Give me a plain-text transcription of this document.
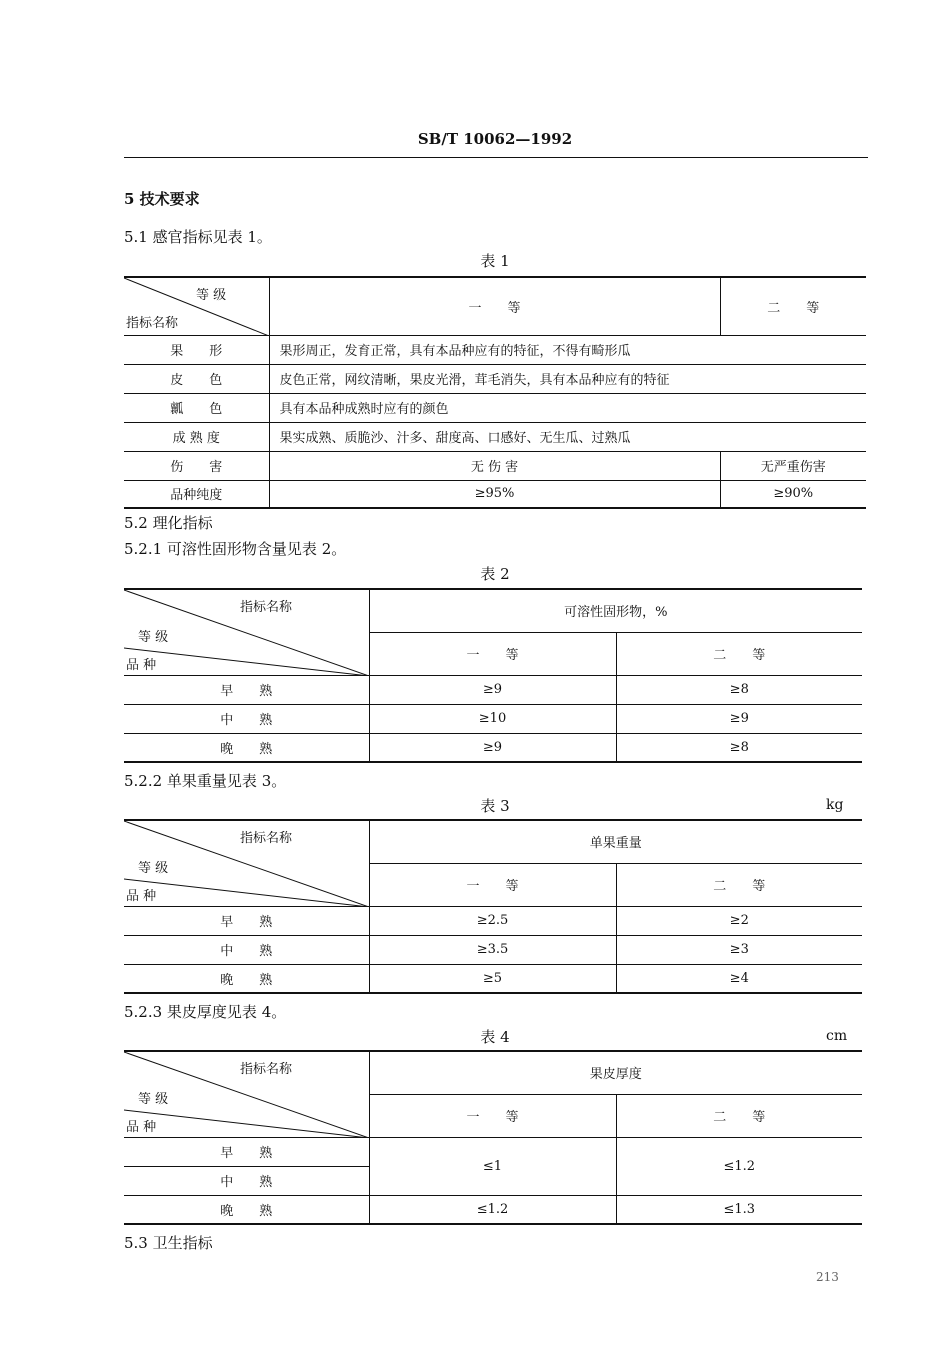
SB/T 10062—1992
5 技术要求
5.1 感官指标见表 1。
表 1
等 级
指标名称	一　　等	二　　等
果　　形	果形周正，发育正常，具有本品种应有的特征，不得有畸形瓜	
皮　　色	皮色正常，网纹清晰，果皮光滑，茸毛消失，具有本品种应有的特征	
瓤　　色	具有本品种成熟时应有的颜色	
成 熟 度	果实成熟、质脆沙、汁多、甜度高、口感好、无生瓜、过熟瓜	
伤　　害	无 伤 害	无严重伤害
品种纯度	≥95%	≥90%
5.2 理化指标
5.2.1 可溶性固形物含量见表 2。
表 2
指标名称
等 级
品 种	可溶性固形物，%	
	一　　等	二　　等
早　　熟	≥9	≥8
中　　熟	≥10	≥9
晚　　熟	≥9	≥8
5.2.2 单果重量见表 3。
表 3	kg
指标名称
等 级
品 种	单果重量	
	一　　等	二　　等
早　　熟	≥2.5	≥2
中　　熟	≥3.5	≥3
晚　　熟	≥5	≥4
5.2.3 果皮厚度见表 4。
表 4	cm
指标名称
等 级
品 种	果皮厚度	
	一　　等	二　　等
早　　熟	≤1	≤1.2
中　　熟		
晚　　熟	≤1.2	≤1.3
5.3 卫生指标
213
